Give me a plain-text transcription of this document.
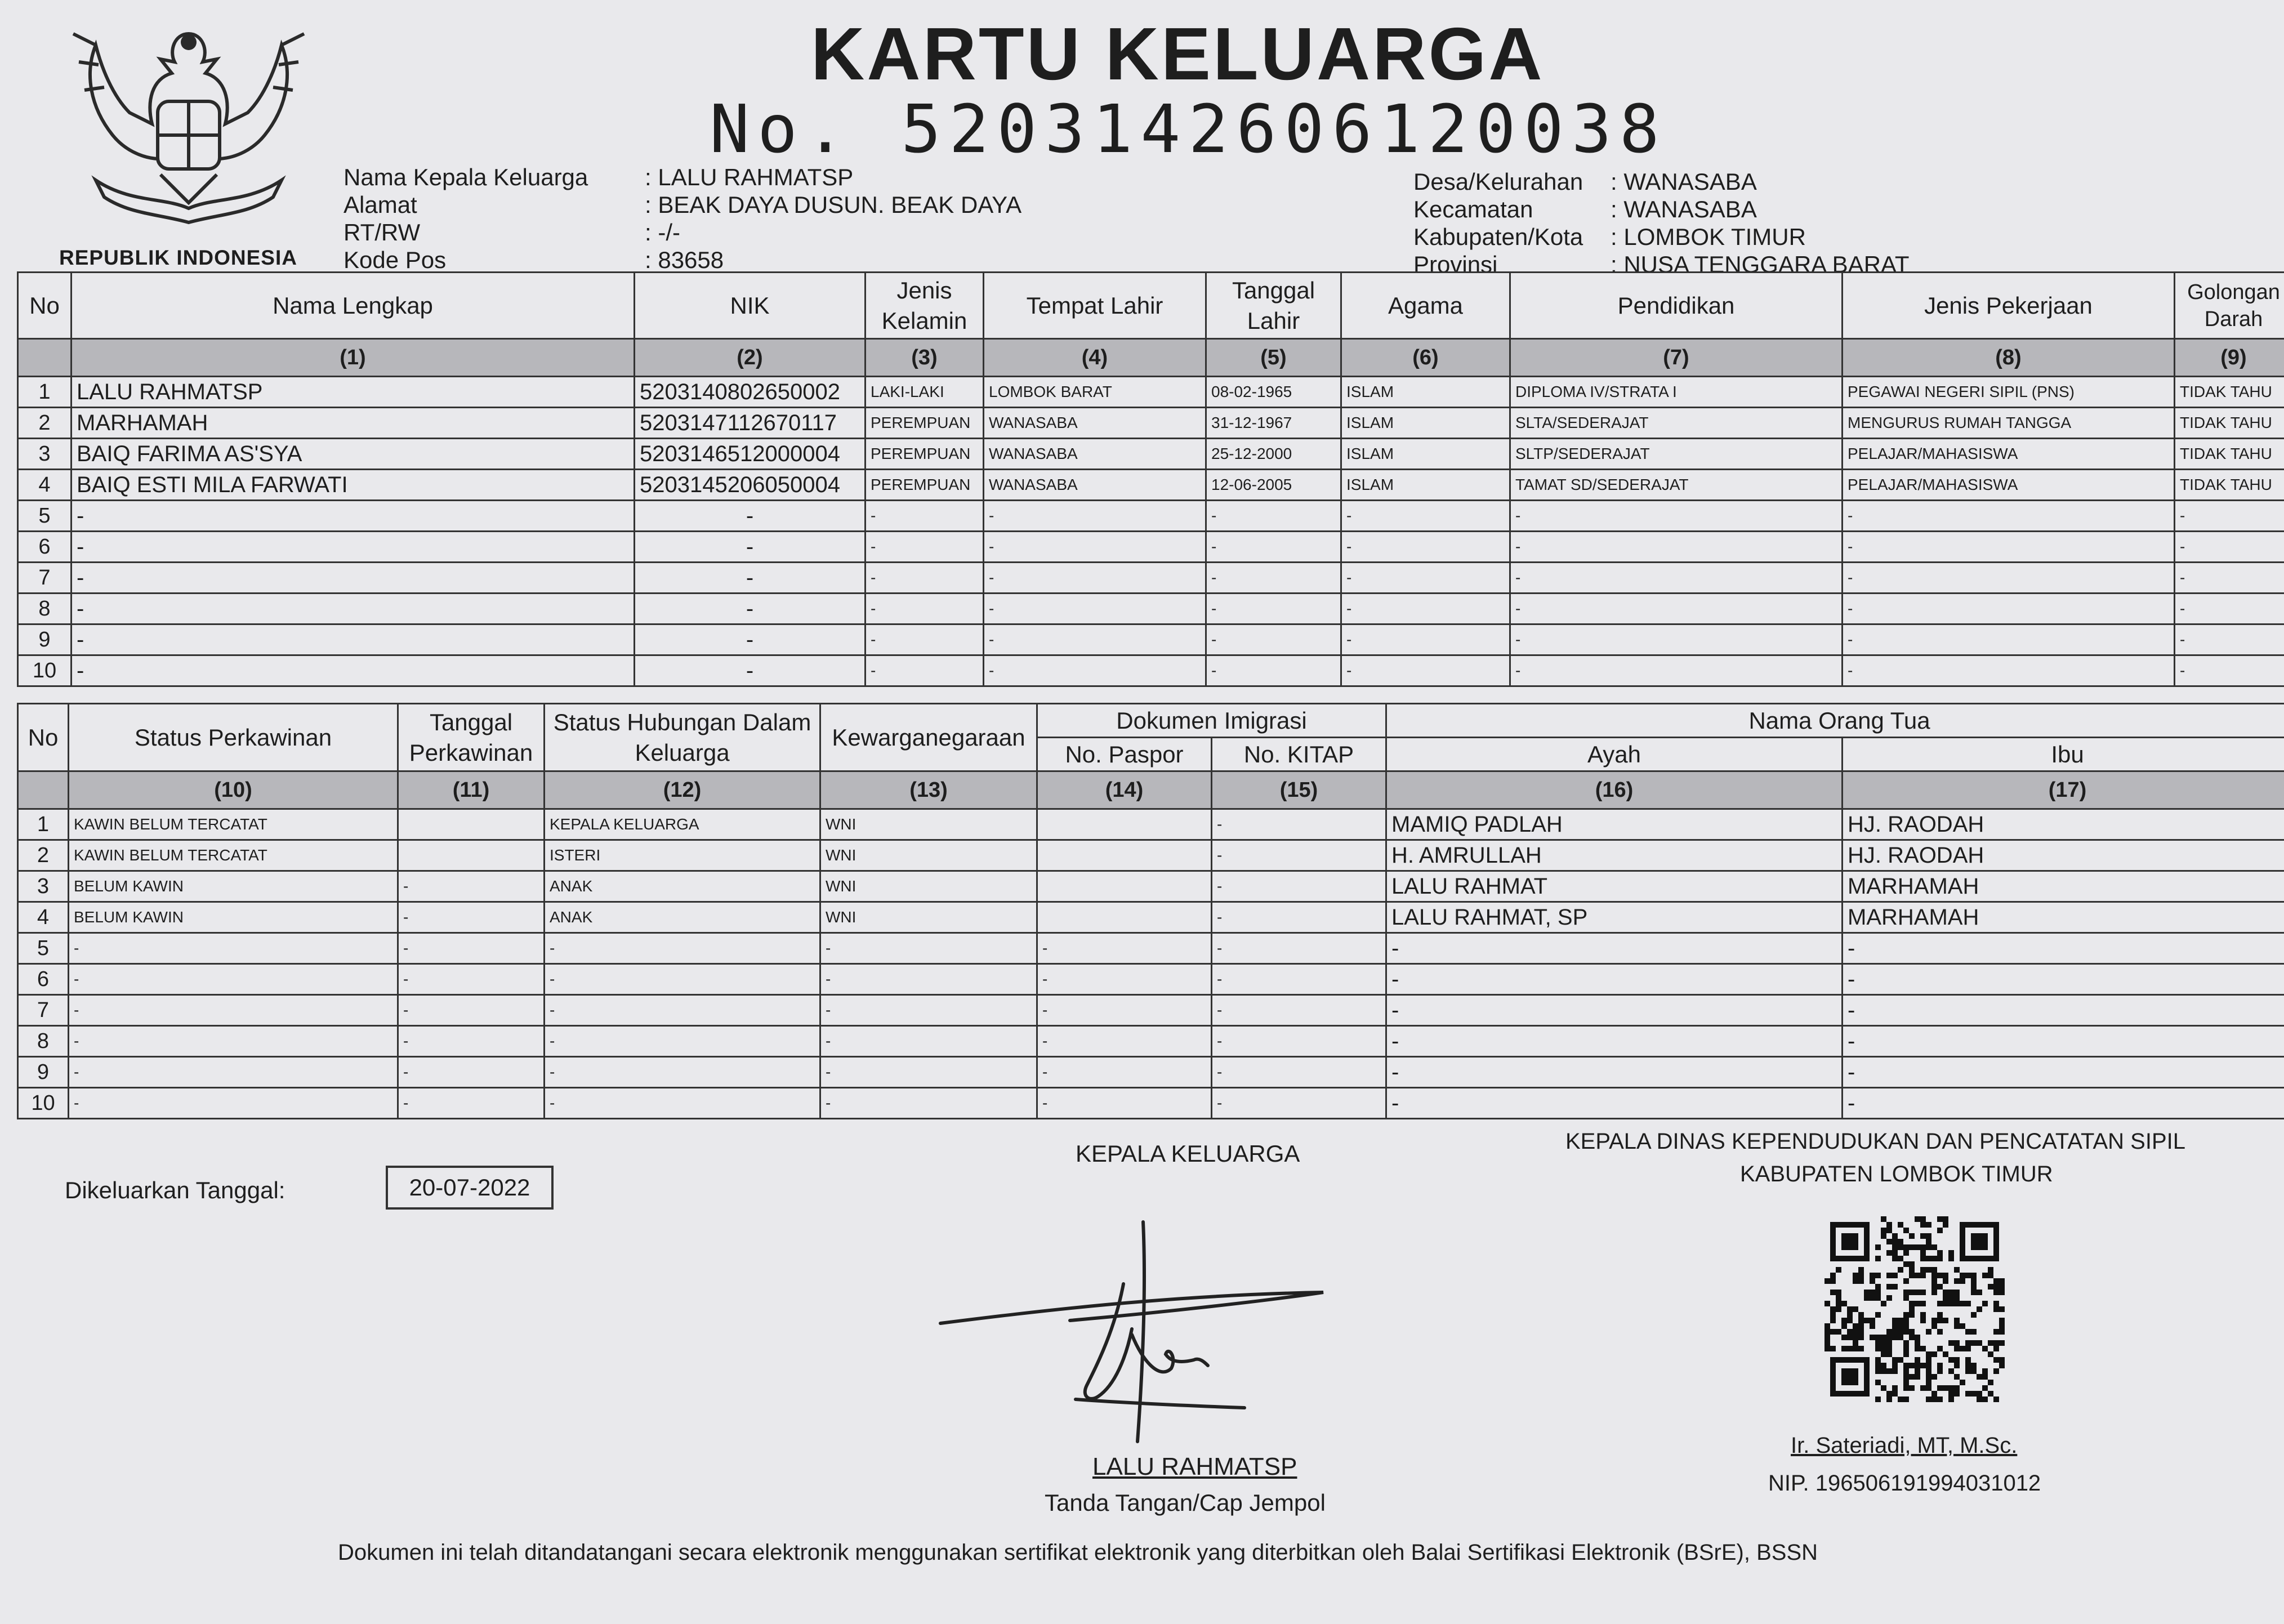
REPUBLIK INDONESIA
KARTU KELUARGA
No. 5203142606120038
Nama Kepala Keluarga	: LALU RAHMATSP
Alamat	: BEAK DAYA DUSUN. BEAK DAYA
RT/RW	: -/-
Kode Pos	: 83658
Desa/Kelurahan	: WANASABA
Kecamatan	: WANASABA
Kabupaten/Kota	: LOMBOK TIMUR
Provinsi	: NUSA TENGGARA BARAT
No	Nama Lengkap	NIK	Jenis Kelamin	Tempat Lahir	Tanggal Lahir	Agama	Pendidikan	Jenis Pekerjaan	Golongan Darah
	(1)	(2)	(3)	(4)	(5)	(6)	(7)	(8)	(9)
1	LALU RAHMATSP	5203140802650002	LAKI-LAKI	LOMBOK BARAT	08-02-1965	ISLAM	DIPLOMA IV/STRATA I	PEGAWAI NEGERI SIPIL (PNS)	TIDAK TAHU
2	MARHAMAH	5203147112670117	PEREMPUAN	WANASABA	31-12-1967	ISLAM	SLTA/SEDERAJAT	MENGURUS RUMAH TANGGA	TIDAK TAHU
3	BAIQ FARIMA AS'SYA	5203146512000004	PEREMPUAN	WANASABA	25-12-2000	ISLAM	SLTP/SEDERAJAT	PELAJAR/MAHASISWA	TIDAK TAHU
4	BAIQ ESTI MILA FARWATI	5203145206050004	PEREMPUAN	WANASABA	12-06-2005	ISLAM	TAMAT SD/SEDERAJAT	PELAJAR/MAHASISWA	TIDAK TAHU
5	-	-	-	-	-	-	-	-	-
6	-	-	-	-	-	-	-	-	-
7	-	-	-	-	-	-	-	-	-
8	-	-	-	-	-	-	-	-	-
9	-	-	-	-	-	-	-	-	-
10	-	-	-	-	-	-	-	-	-
No	Status Perkawinan	Tanggal Perkawinan	Status Hubungan Dalam Keluarga	Kewarganegaraan	Dokumen Imigrasi		Nama Orang Tua	
					No. Paspor	No. KITAP	Ayah	Ibu
	(10)	(11)	(12)	(13)	(14)	(15)	(16)	(17)
1	KAWIN BELUM TERCATAT		KEPALA KELUARGA	WNI		-	MAMIQ PADLAH	HJ. RAODAH
2	KAWIN BELUM TERCATAT		ISTERI	WNI		-	H. AMRULLAH	HJ. RAODAH
3	BELUM KAWIN	-	ANAK	WNI		-	LALU RAHMAT	MARHAMAH
4	BELUM KAWIN	-	ANAK	WNI		-	LALU RAHMAT, SP	MARHAMAH
5	-	-	-	-	-	-	-	-
6	-	-	-	-	-	-	-	-
7	-	-	-	-	-	-	-	-
8	-	-	-	-	-	-	-	-
9	-	-	-	-	-	-	-	-
10	-	-	-	-	-	-	-	-
Dikeluarkan Tanggal:	20-07-2022
KEPALA KELUARGA	KEPALA DINAS KEPENDUDUKAN DAN PENCATATAN SIPIL
KABUPATEN LOMBOK TIMUR
LALU RAHMATSP
Tanda Tangan/Cap Jempol
Ir. Sateriadi, MT, M.Sc.
NIP. 196506191994031012
Dokumen ini telah ditandatangani secara elektronik menggunakan sertifikat elektronik yang diterbitkan oleh Balai Sertifikasi Elektronik (BSrE), BSSN
